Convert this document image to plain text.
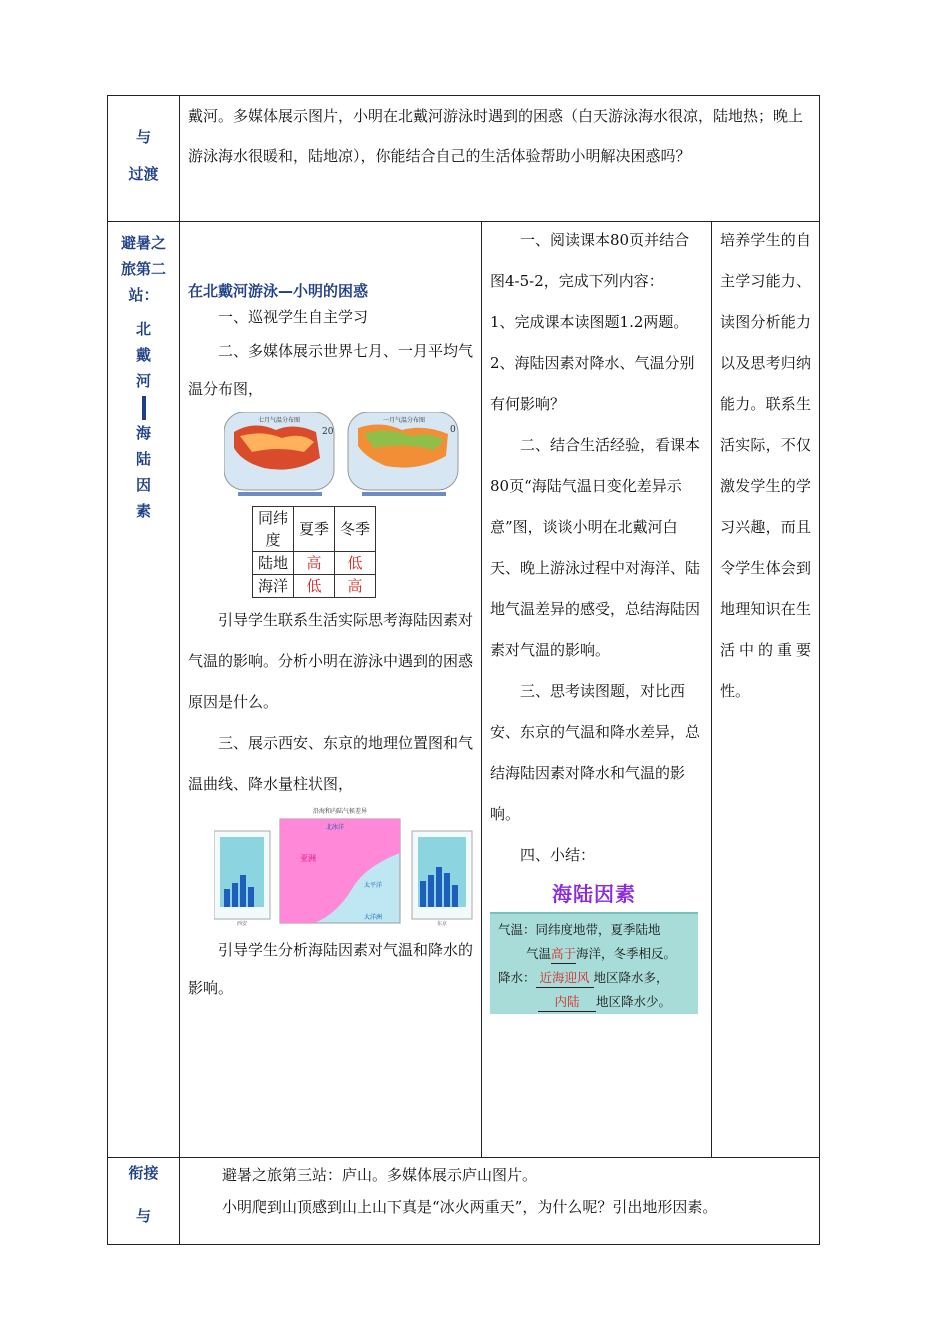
与
过渡

戴河。多媒体展示图片，小明在北戴河游泳时遇到的困惑（白天游泳海水很凉，陆地热；晚上游泳海水很暖和，陆地凉），你能结合自己的生活体验帮助小明解决困惑吗？

避暑之
旅第二
站：
北
戴
河
海
陆
因
素

在北戴河游泳—小明的困惑
一、巡视学生自主学习
二、多媒体展示世界七月、一月平均气温分布图，
七月气温分布图
20
一月气温分布图
0
同纬度	夏季	冬季
陆地	高	低
海洋	低	高
引导学生联系生活实际思考海陆因素对气温的影响。分析小明在游泳中遇到的困惑原因是什么。
三、展示西安、东京的地理位置图和气温曲线、降水量柱状图，
西安
沿海和内陆气候差异
亚洲
太平洋
北冰洋
大洋洲
东京
引导学生分析海陆因素对气温和降水的影响。

一、阅读课本80页并结合图4-5-2，完成下列内容：
1、完成课本读图题1.2两题。
2、海陆因素对降水、气温分别有何影响？
二、结合生活经验，看课本80页“海陆气温日变化差异示意”图，谈谈小明在北戴河白天、晚上游泳过程中对海洋、陆地气温差异的感受，总结海陆因素对气温的影响。
三、思考读图题，对比西安、东京的气温和降水差异，总结海陆因素对降水和气温的影响。
四、小结：
海陆因素
气温：同纬度地带，夏季陆地
气温高于海洋，冬季相反。
降水： 近海迎风 地区降水多，
内陆 地区降水少。

培养学生的自主学习能力、读图分析能力以及思考归纳能力。联系生活实际，不仅激发学生的学习兴趣，而且令学生体会到地理知识在生活中的重要性。

衔接
与

避暑之旅第三站：庐山。多媒体展示庐山图片。
小明爬到山顶感到山上山下真是“冰火两重天”，为什么呢？引出地形因素。
